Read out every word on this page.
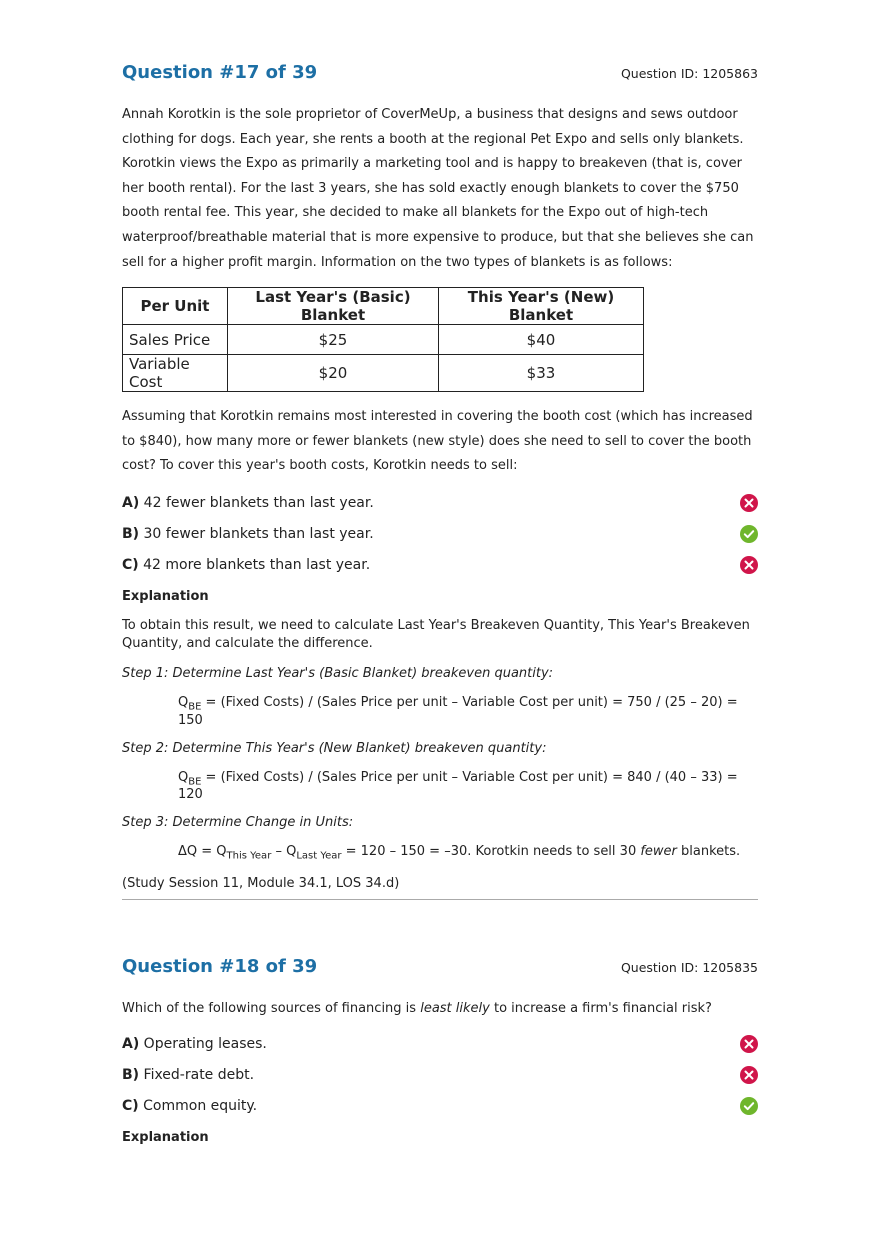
Question #17 of 39	Question ID: 1205863

Annah Korotkin is the sole proprietor of CoverMeUp, a business that designs and sews outdoor clothing for dogs. Each year, she rents a booth at the regional Pet Expo and sells only blankets. Korotkin views the Expo as primarily a marketing tool and is happy to breakeven (that is, cover her booth rental). For the last 3 years, she has sold exactly enough blankets to cover the $750 booth rental fee. This year, she decided to make all blankets for the Expo out of high-tech waterproof/breathable material that is more expensive to produce, but that she believes she can sell for a higher profit margin. Information on the two types of blankets is as follows:

Per Unit	Last Year's (Basic) Blanket	This Year's (New) Blanket
Sales Price	$25	$40
Variable Cost	$20	$33

Assuming that Korotkin remains most interested in covering the booth cost (which has increased to $840), how many more or fewer blankets (new style) does she need to sell to cover the booth cost? To cover this year's booth costs, Korotkin needs to sell:

A) 42 fewer blankets than last year.
B) 30 fewer blankets than last year.
C) 42 more blankets than last year.

Explanation

To obtain this result, we need to calculate Last Year's Breakeven Quantity, This Year's Breakeven Quantity, and calculate the difference.

Step 1: Determine Last Year's (Basic Blanket) breakeven quantity:

$Q_{BE}$ = (Fixed Costs) / (Sales Price per unit – Variable Cost per unit) = 750 / (25 – 20) = 150

Step 2: Determine This Year's (New Blanket) breakeven quantity:

$Q_{BE}$ = (Fixed Costs) / (Sales Price per unit – Variable Cost per unit) = 840 / (40 – 33) = 120

Step 3: Determine Change in Units:

$\Delta Q = Q_{This Year} - Q_{Last Year} = 120 - 150 = -30$. Korotkin needs to sell 30 fewer blankets.

(Study Session 11, Module 34.1, LOS 34.d)

Question #18 of 39	Question ID: 1205835

Which of the following sources of financing is least likely to increase a firm's financial risk?

A) Operating leases.
B) Fixed-rate debt.
C) Common equity.

Explanation
